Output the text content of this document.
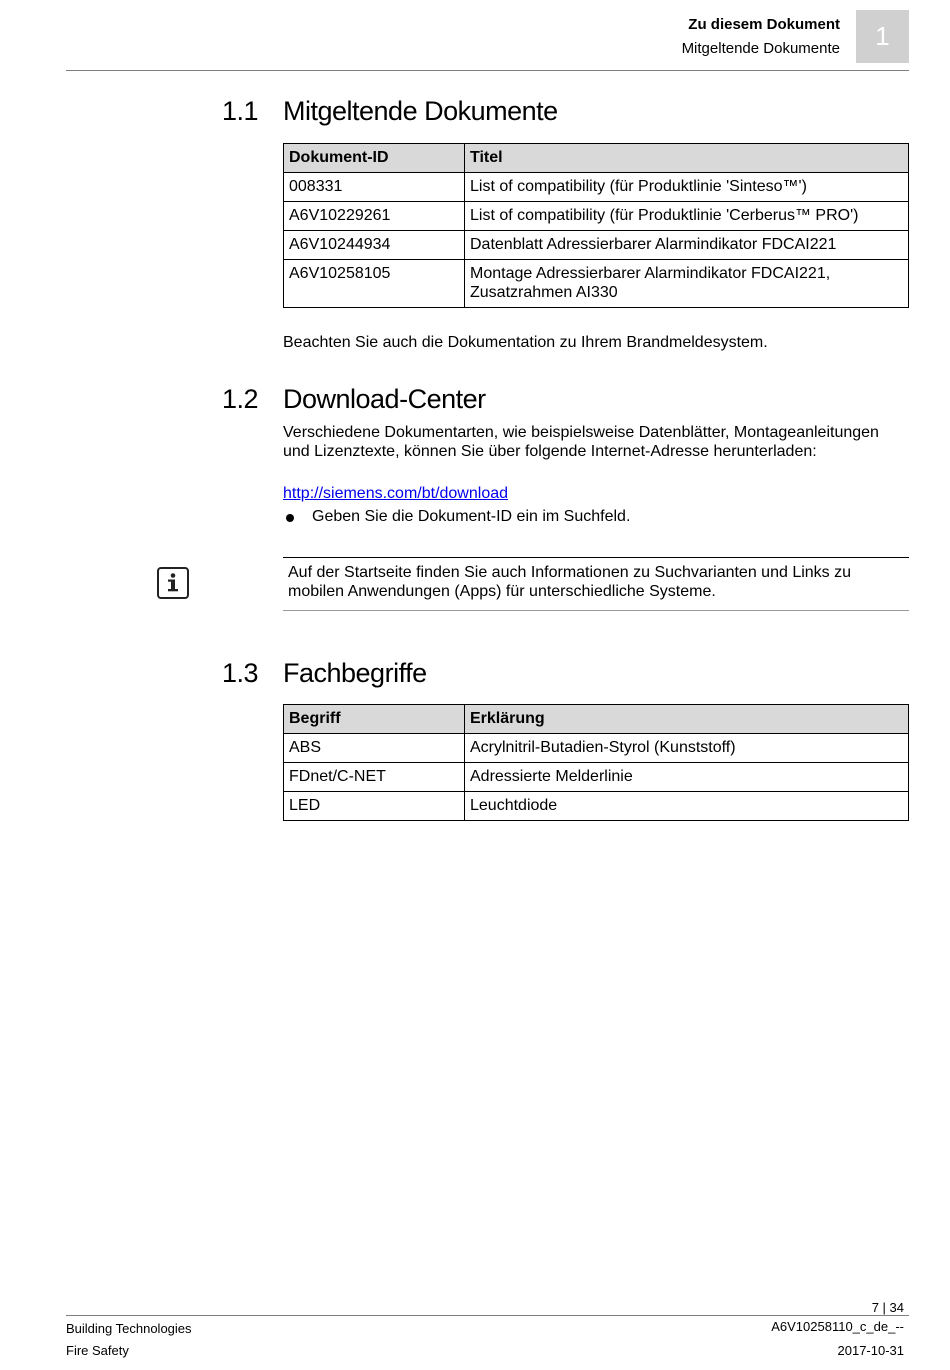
Zu diesem Dokument
Mitgeltende Dokumente	1
1.1 Mitgeltende Dokumente
Dokument-ID	Titel
008331	List of compatibility (für Produktlinie 'Sinteso™')
A6V10229261	List of compatibility (für Produktlinie 'Cerberus™ PRO')
A6V10244934	Datenblatt Adressierbarer Alarmindikator FDCAI221
A6V10258105	Montage Adressierbarer Alarmindikator FDCAI221, Zusatzrahmen AI330
Beachten Sie auch die Dokumentation zu Ihrem Brandmeldesystem.
1.2 Download-Center
Verschiedene Dokumentarten, wie beispielsweise Datenblätter, Montageanleitungen und Lizenztexte, können Sie über folgende Internet-Adresse herunterladen:
http://siemens.com/bt/download
Geben Sie die Dokument-ID ein im Suchfeld.
Auf der Startseite finden Sie auch Informationen zu Suchvarianten und Links zu mobilen Anwendungen (Apps) für unterschiedliche Systeme.
1.3 Fachbegriffe
Begriff	Erklärung
ABS	Acrylnitril-Butadien-Styrol (Kunststoff)
FDnet/C-NET	Adressierte Melderlinie
LED	Leuchtdiode
7 | 34
Building Technologies
Fire Safety
A6V10258110_c_de_--
2017-10-31
